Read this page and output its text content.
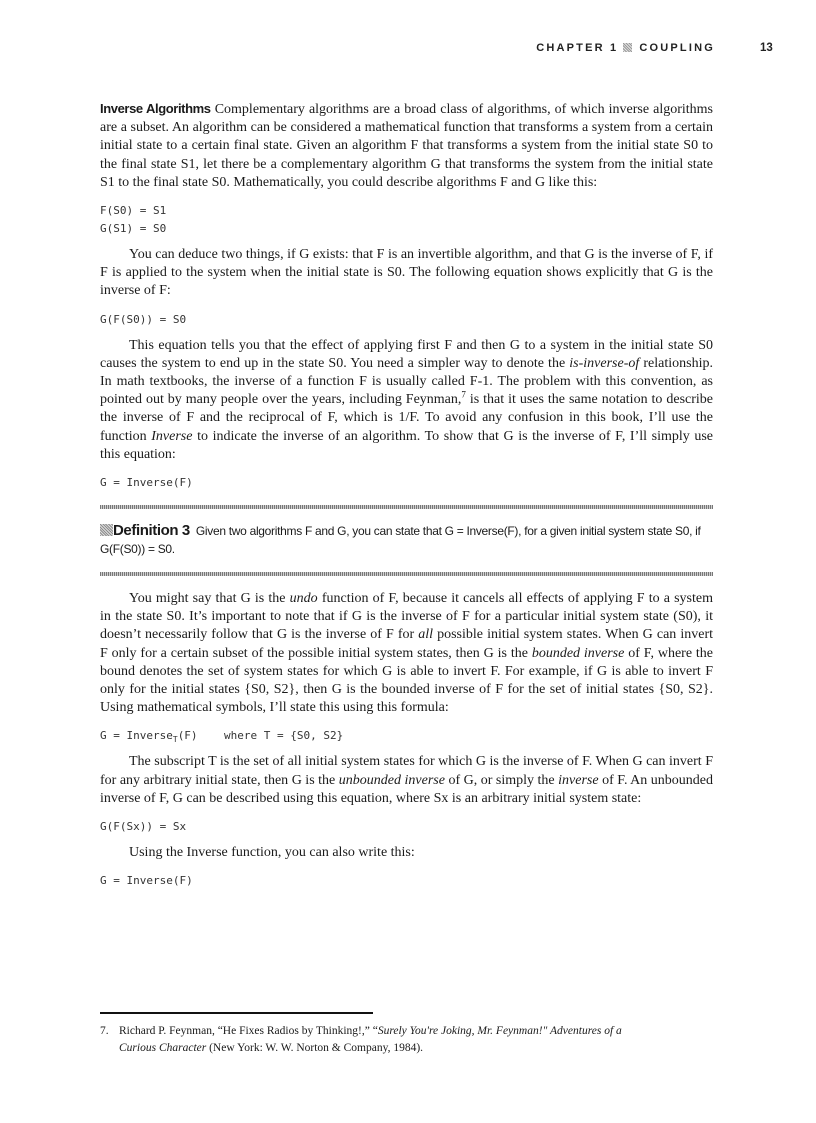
CHAPTER 1 COUPLING	13

Inverse Algorithms Complementary algorithms are a broad class of algorithms, of which inverse algorithms are a subset. An algorithm can be considered a mathematical function that transforms a system from a certain initial state to a certain final state. Given an algorithm F that transforms a system from the initial state S0 to the final state S1, let there be a complementary algorithm G that transforms the system from the initial state S1 to the final state S0. Mathematically, you could describe algorithms F and G like this:

F(S0) = S1
G(S1) = S0

You can deduce two things, if G exists: that F is an invertible algorithm, and that G is the inverse of F, if F is applied to the system when the initial state is S0. The following equation shows explicitly that G is the inverse of F:

G(F(S0)) = S0

This equation tells you that the effect of applying first F and then G to a system in the initial state S0 causes the system to end up in the state S0. You need a simpler way to denote the is-inverse-of relationship. In math textbooks, the inverse of a function F is usually called F-1. The problem with this convention, as pointed out by many people over the years, including Feynman,$^7$ is that it uses the same notation to describe the inverse of F and the reciprocal of F, which is 1/F. To avoid any confusion in this book, I’ll use the function Inverse to indicate the inverse of an algorithm. To show that G is the inverse of F, I’ll simply use this equation:

G = Inverse(F)
Definition 3 Given two algorithms F and G, you can state that G = Inverse(F), for a given initial system state S0, if G(F(S0)) = S0.

You might say that G is the undo function of F, because it cancels all effects of applying F to a system in the state S0. It’s important to note that if G is the inverse of F for a particular initial system state (S0), it doesn’t necessarily follow that G is the inverse of F for all possible initial system states. When G can invert F only for a certain subset of the possible initial system states, then G is the bounded inverse of F, where the bound denotes the set of system states for which G is able to invert F. For example, if G is able to invert F only for the initial states {S0, S2}, then G is the bounded inverse of F for the set of initial states {S0, S2}. Using mathematical symbols, I’ll state this using this formula:

G = Inverse$_T$(F)    where T = {S0, S2}

The subscript T is the set of all initial system states for which G is the inverse of F. When G can invert F for any arbitrary initial state, then G is the unbounded inverse of G, or simply the inverse of F. An unbounded inverse of F, G can be described using this equation, where Sx is an arbitrary initial system state:

G(F(Sx)) = Sx

Using the Inverse function, you can also write this:

G = Inverse(F)
7. Richard P. Feynman, “He Fixes Radios by Thinking!,” “Surely You're Joking, Mr. Feynman!" Adventures of a
Curious Character (New York: W. W. Norton & Company, 1984).
